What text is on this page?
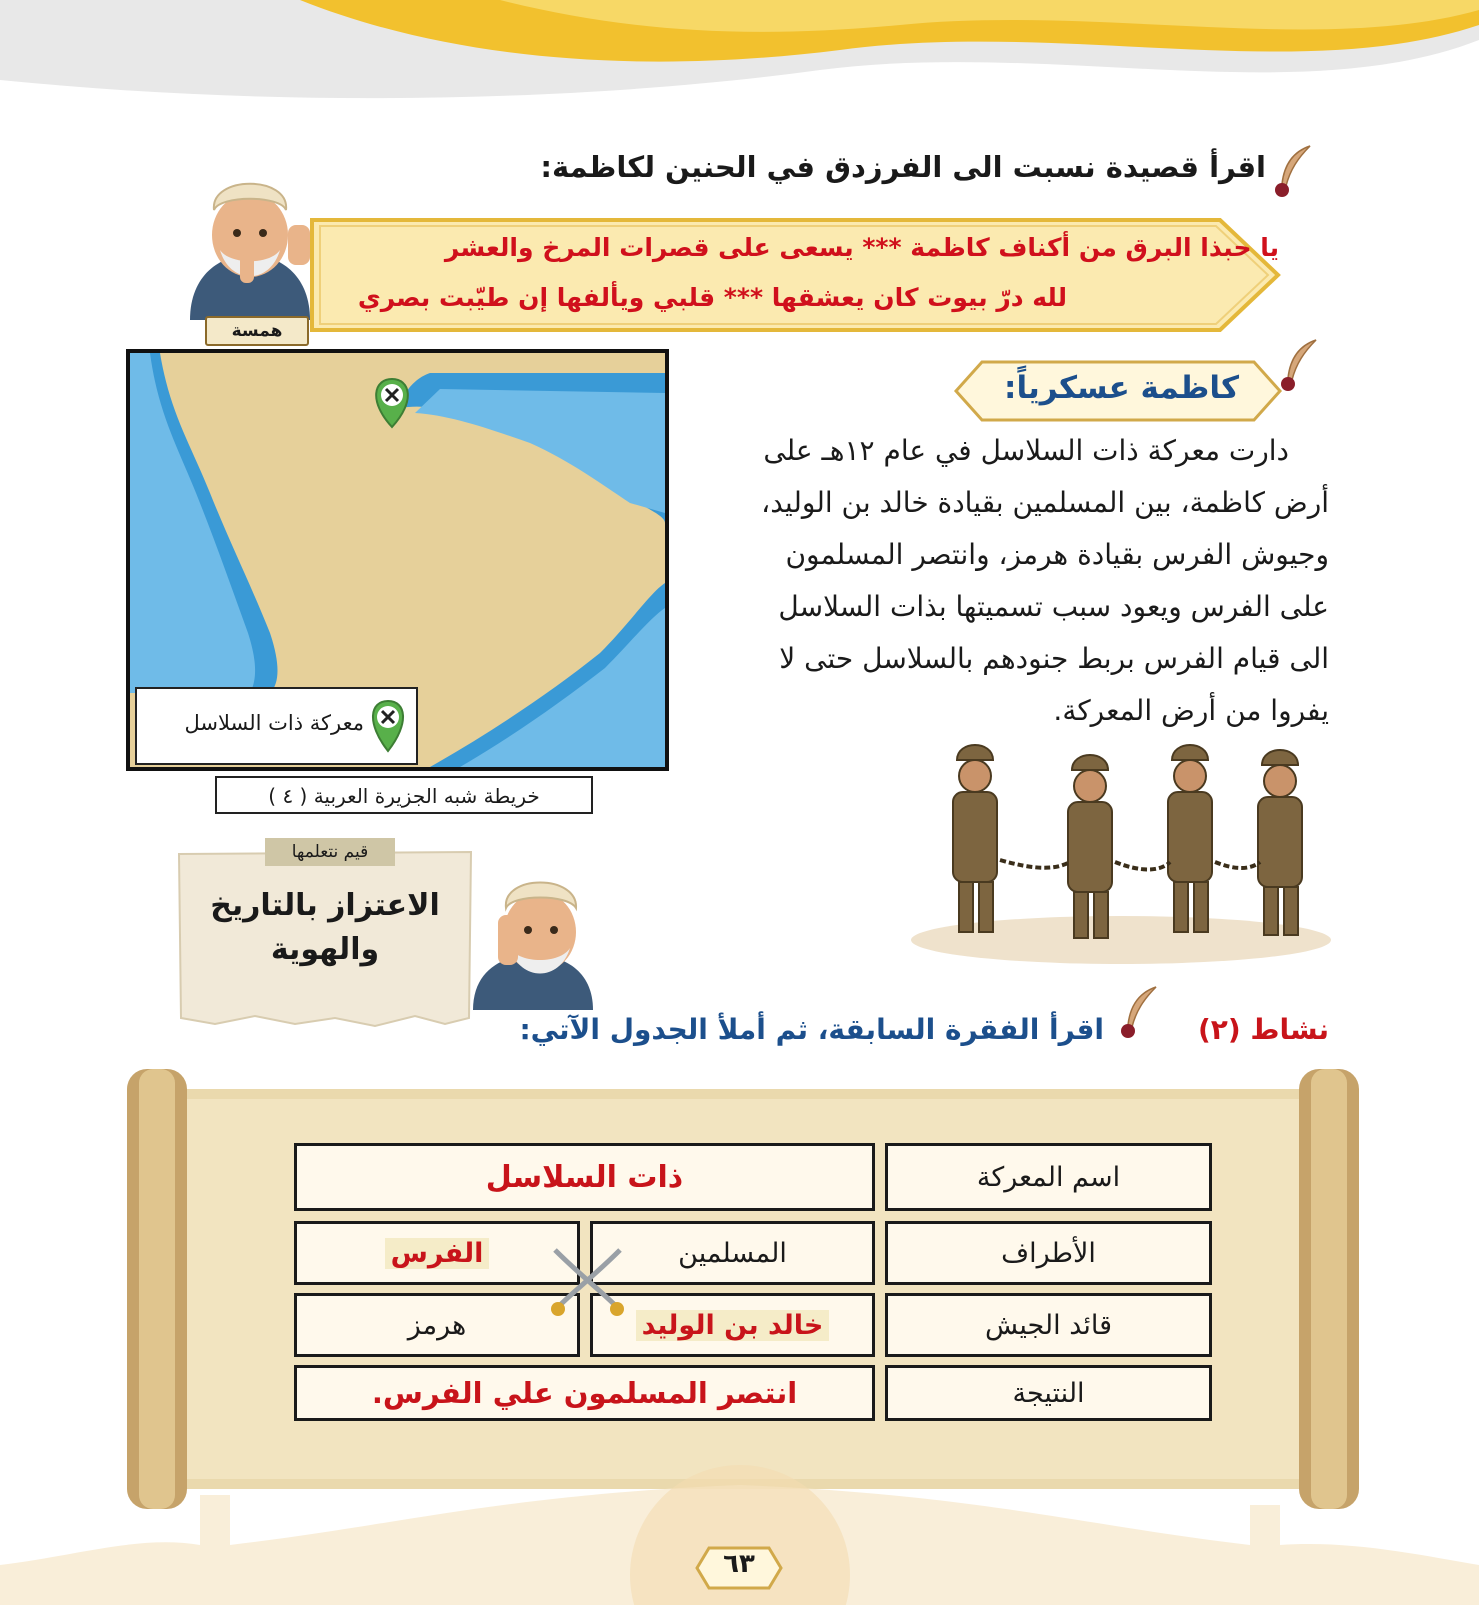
اقرأ قصيدة نسبت الى الفرزدق في الحنين لكاظمة:
همسة
يا حبذا البرق من أكناف كاظمة *** يسعى على قصرات المرخ والعشر
لله درّ بيوت كان يعشقها *** قلبي ويألفها إن طيّبت بصري
معركة ذات السلاسل
خريطة شبه الجزيرة العربية ( ٤ )
كاظمة عسكرياً:
دارت معركة ذات السلاسل في عام ١٢هـ على
أرض كاظمة، بين المسلمين بقيادة خالد بن الوليد،
وجيوش الفرس بقيادة هرمز، وانتصر المسلمون
على الفرس ويعود سبب تسميتها بذات السلاسل
الى قيام الفرس بربط جنودهم بالسلاسل حتى لا
يفروا من أرض المعركة.
قيم نتعلمها
الاعتزاز بالتاريخ
والهوية
نشاط (٢)
اقرأ الفقرة السابقة، ثم أملأ الجدول الآتي:
اسم المعركة
ذات السلاسل
الأطراف
المسلمين
الفرس
قائد الجيش
خالد بن الوليد
هرمز
النتيجة
انتصر المسلمون علي الفرس.
٦٣
